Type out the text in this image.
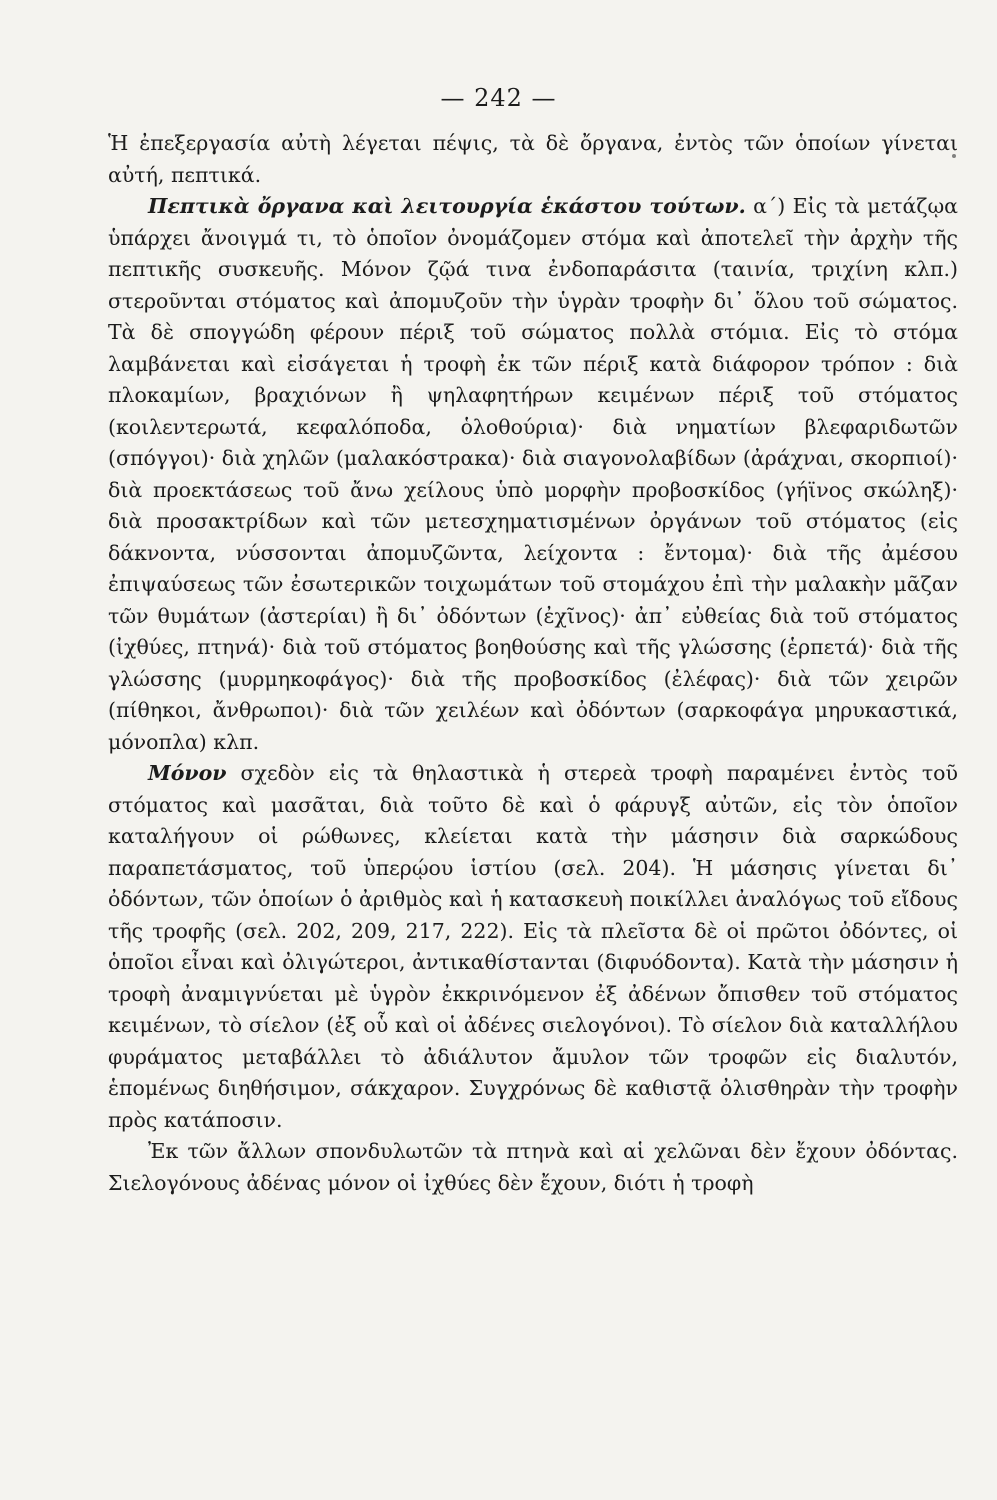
— 242 —

Ἡ ἐπεξεργασία αὐτὴ λέγεται πέψις, τὰ δὲ ὄργανα, ἐντὸς τῶν ὁποίων γίνεται αὐτή, πεπτικά.

Πεπτικὰ ὄργανα καὶ λειτουργία ἑκάστου τούτων. α΄) Εἰς τὰ μετάζῳα ὑπάρχει ἄνοιγμά τι, τὸ ὁποῖον ὀνομάζομεν στόμα καὶ ἀποτελεῖ τὴν ἀρχὴν τῆς πεπτικῆς συσκευῆς. Μόνον ζῷά τινα ἐνδοπαράσιτα (ταινία, τριχίνη κλπ.) στεροῦνται στόματος καὶ ἀπομυζοῦν τὴν ὑγρὰν τροφὴν δι᾿ ὅλου τοῦ σώματος. Τὰ δὲ σπογγώδη φέρουν πέριξ τοῦ σώματος πολλὰ στόμια. Εἰς τὸ στόμα λαμβάνεται καὶ εἰσάγεται ἡ τροφὴ ἐκ τῶν πέριξ κατὰ διάφορον τρόπον : διὰ πλοκαμίων, βραχιόνων ἢ ψηλαφητήρων κειμένων πέριξ τοῦ στόματος (κοιλεντερωτά, κεφαλόποδα, ὁλοθούρια)· διὰ νηματίων βλεφαριδωτῶν (σπόγγοι)· διὰ χηλῶν (μαλακόστρακα)· διὰ σιαγονολαβίδων (ἀράχναι, σκορπιοί)· διὰ προεκτάσεως τοῦ ἄνω χείλους ὑπὸ μορφὴν προβοσκίδος (γήϊνος σκώληξ)· διὰ προσακτρίδων καὶ τῶν μετεσχηματισμένων ὀργάνων τοῦ στόματος (εἰς δάκνοντα, νύσσονται ἀπομυζῶντα, λείχοντα : ἔντομα)· διὰ τῆς ἀμέσου ἐπιψαύσεως τῶν ἐσωτερικῶν τοιχωμάτων τοῦ στομάχου ἐπὶ τὴν μαλακὴν μᾶζαν τῶν θυμάτων (ἀστερίαι) ἢ δι᾿ ὀδόντων (ἐχῖνος)· ἀπ᾿ εὐθείας διὰ τοῦ στόματος (ἰχθύες, πτηνά)· διὰ τοῦ στόματος βοηθούσης καὶ τῆς γλώσσης (ἑρπετά)· διὰ τῆς γλώσσης (μυρμηκοφάγος)· διὰ τῆς προβοσκίδος (ἐλέφας)· διὰ τῶν χειρῶν (πίθηκοι, ἄνθρωποι)· διὰ τῶν χειλέων καὶ ὀδόντων (σαρκοφάγα μηρυκαστικά, μόνοπλα) κλπ.

Μόνον σχεδὸν εἰς τὰ θηλαστικὰ ἡ στερεὰ τροφὴ παραμένει ἐντὸς τοῦ στόματος καὶ μασᾶται, διὰ τοῦτο δὲ καὶ ὁ φάρυγξ αὐτῶν, εἰς τὸν ὁποῖον καταλήγουν οἱ ρώθωνες, κλείεται κατὰ τὴν μάσησιν διὰ σαρκώδους παραπετάσματος, τοῦ ὑπερῴου ἱστίου (σελ. 204). Ἡ μάσησις γίνεται δι᾿ ὀδόντων, τῶν ὁποίων ὁ ἀριθμὸς καὶ ἡ κατασκευὴ ποικίλλει ἀναλόγως τοῦ εἴδους τῆς τροφῆς (σελ. 202, 209, 217, 222). Εἰς τὰ πλεῖστα δὲ οἱ πρῶτοι ὀδόντες, οἱ ὁποῖοι εἶναι καὶ ὀλιγώτεροι, ἀντικαθίστανται (διφυόδοντα). Κατὰ τὴν μάσησιν ἡ τροφὴ ἀναμιγνύεται μὲ ὑγρὸν ἐκκρινόμενον ἐξ ἀδένων ὄπισθεν τοῦ στόματος κειμένων, τὸ σίελον (ἐξ οὗ καὶ οἱ ἀδένες σιελογόνοι). Τὸ σίελον διὰ καταλλήλου φυράματος μεταβάλλει τὸ ἀδιάλυτον ἄμυλον τῶν τροφῶν εἰς διαλυτόν, ἑπομένως διηθήσιμον, σάκχαρον. Συγχρόνως δὲ καθιστᾷ ὀλισθηρὰν τὴν τροφὴν πρὸς κατάποσιν.

Ἐκ τῶν ἄλλων σπονδυλωτῶν τὰ πτηνὰ καὶ αἱ χελῶναι δὲν ἔχουν ὀδόντας. Σιελογόνους ἀδένας μόνον οἱ ἰχθύες δὲν ἔχουν, διότι ἡ τροφὴ
